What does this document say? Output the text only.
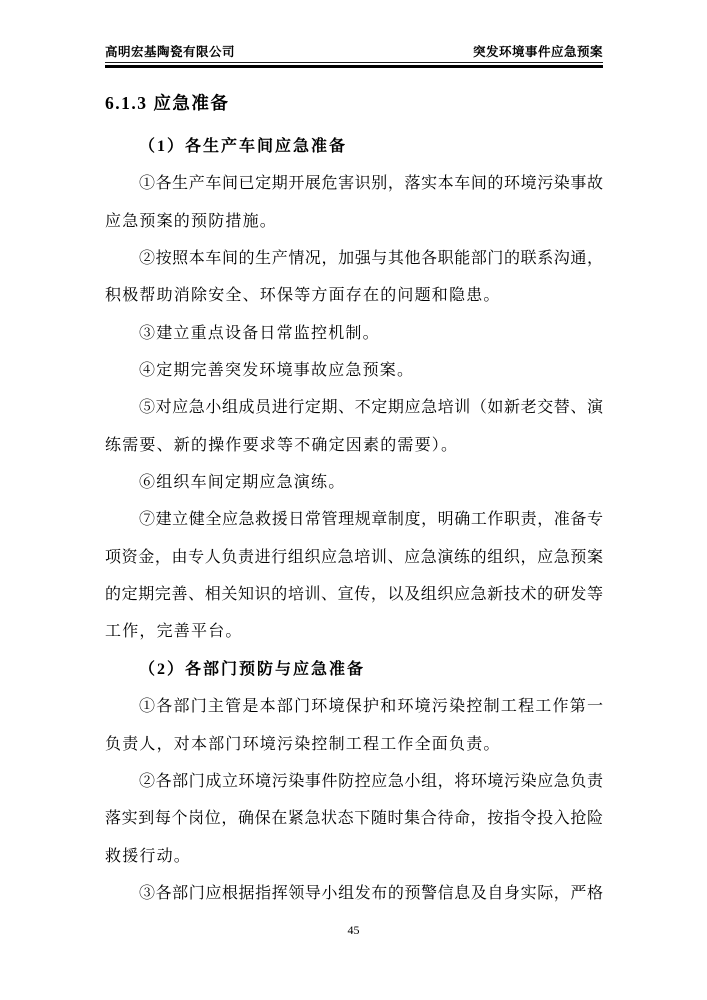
高明宏基陶瓷有限公司	突发环境事件应急预案
6.1.3 应急准备
（1）各生产车间应急准备
①各生产车间已定期开展危害识别，落实本车间的环境污染事故
应急预案的预防措施。
②按照本车间的生产情况，加强与其他各职能部门的联系沟通，
积极帮助消除安全、环保等方面存在的问题和隐患。
③建立重点设备日常监控机制。
④定期完善突发环境事故应急预案。
⑤对应急小组成员进行定期、不定期应急培训（如新老交替、演
练需要、新的操作要求等不确定因素的需要）。
⑥组织车间定期应急演练。
⑦建立健全应急救援日常管理规章制度，明确工作职责，准备专
项资金，由专人负责进行组织应急培训、应急演练的组织，应急预案
的定期完善、相关知识的培训、宣传，以及组织应急新技术的研发等
工作，完善平台。
（2）各部门预防与应急准备
①各部门主管是本部门环境保护和环境污染控制工程工作第一
负责人，对本部门环境污染控制工程工作全面负责。
②各部门成立环境污染事件防控应急小组，将环境污染应急负责
落实到每个岗位，确保在紧急状态下随时集合待命，按指令投入抢险
救援行动。
③各部门应根据指挥领导小组发布的预警信息及自身实际，严格
45
